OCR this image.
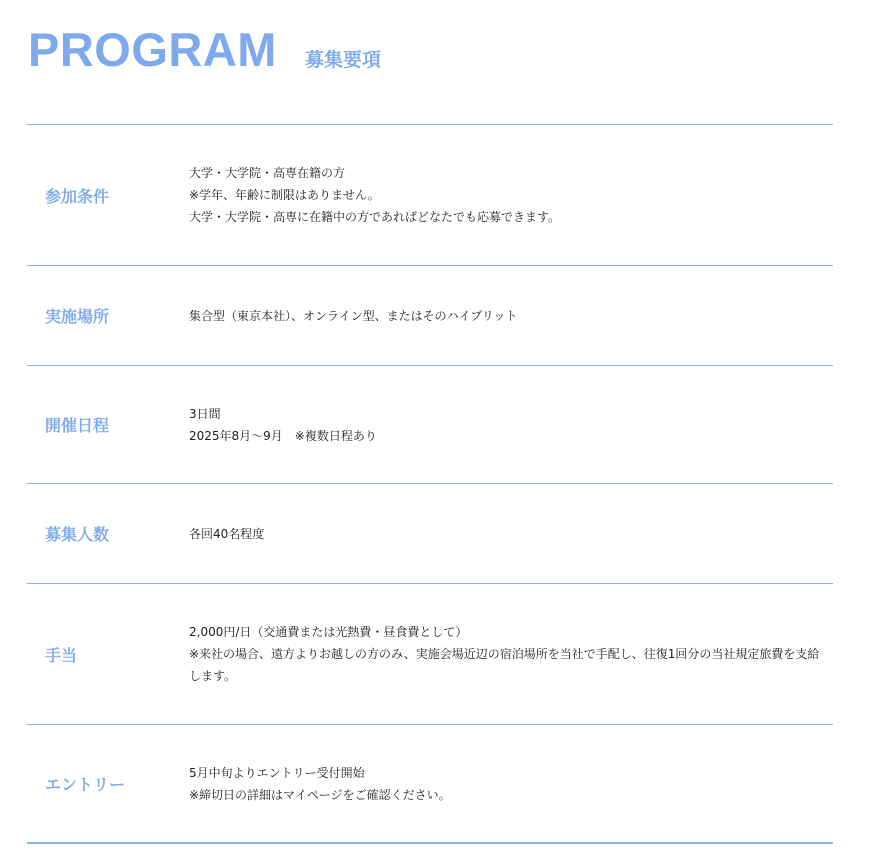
PROGRAM 募集要項
参加条件
大学・大学院・高専在籍の方
※学年、年齢に制限はありません。
大学・大学院・高専に在籍中の方であればどなたでも応募できます。
実施場所	集合型（東京本社）、オンライン型、またはそのハイブリット
開催日程
3日間
2025年8月～9月　※複数日程あり
募集人数	各回40名程度
手当
2,000円/日（交通費または光熱費・昼食費として）
※来社の場合、遠方よりお越しの方のみ、実施会場近辺の宿泊場所を当社で手配し、往復1回分の当社規定旅費を支給します。
エントリー
5月中旬よりエントリー受付開始
※締切日の詳細はマイページをご確認ください。
